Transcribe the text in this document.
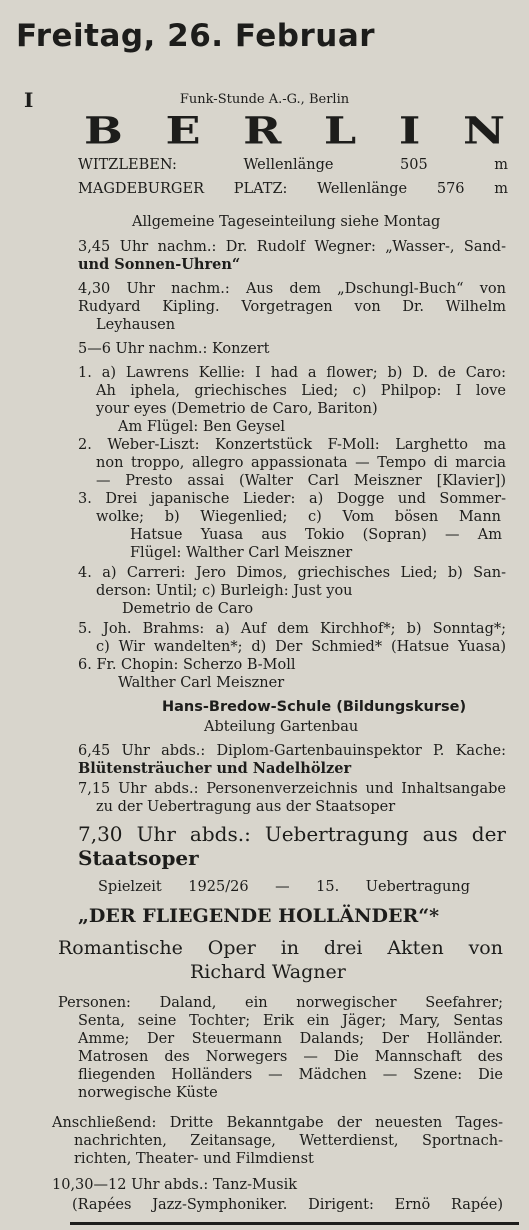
Freitag, 26. Februar
I	Funk-Stunde A.-G., Berlin
B E R L I N
WITZLEBEN: Wellenlänge 505 m
MAGDEBURGER PLATZ: Wellenlänge 576 m
Allgemeine Tageseinteilung siehe Montag
3,45 Uhr nachm.: Dr. Rudolf Wegner: „Wasser-, Sand-
und Sonnen-Uhren“
4,30 Uhr nachm.: Aus dem „Dschungl-Buch“ von
Rudyard Kipling. Vorgetragen von Dr. Wilhelm
Leyhausen
5—6 Uhr nachm.: Konzert
1. a) Lawrens Kellie: I had a flower; b) D. de Caro:
Ah iphela, griechisches Lied; c) Philpop: I love
your eyes (Demetrio de Caro, Bariton)
Am Flügel: Ben Geysel
2. Weber-Liszt: Konzertstück F-Moll: Larghetto ma
non troppo, allegro appassionata — Tempo di marcia
— Presto assai (Walter Carl Meiszner [Klavier])
3. Drei japanische Lieder: a) Dogge und Sommer-
wolke; b) Wiegenlied; c) Vom bösen Mann
Hatsue Yuasa aus Tokio (Sopran) — Am
Flügel: Walther Carl Meiszner
4. a) Carreri: Jero Dimos, griechisches Lied; b) San-
derson: Until; c) Burleigh: Just you
Demetrio de Caro
5. Joh. Brahms: a) Auf dem Kirchhof*; b) Sonntag*;
c) Wir wandelten*; d) Der Schmied* (Hatsue Yuasa)
6. Fr. Chopin: Scherzo B-Moll
Walther Carl Meiszner
Hans-Bredow-Schule (Bildungskurse)
Abteilung Gartenbau
6,45 Uhr abds.: Diplom-Gartenbauinspektor P. Kache:
Blütensträucher und Nadelhölzer
7,15 Uhr abds.: Personenverzeichnis und Inhaltsangabe
zu der Uebertragung aus der Staatsoper
7,30 Uhr abds.: Uebertragung aus der
Staatsoper
Spielzeit 1925/26 — 15. Uebertragung
„DER FLIEGENDE HOLLÄNDER“*
Romantische Oper in drei Akten von
Richard Wagner
Personen: Daland, ein norwegischer Seefahrer;
Senta, seine Tochter; Erik ein Jäger; Mary, Sentas
Amme; Der Steuermann Dalands; Der Holländer.
Matrosen des Norwegers — Die Mannschaft des
fliegenden Holländers — Mädchen — Szene: Die
norwegische Küste
Anschließend: Dritte Bekanntgabe der neuesten Tages-
nachrichten, Zeitansage, Wetterdienst, Sportnach-
richten, Theater- und Filmdienst
10,30—12 Uhr abds.: Tanz-Musik
(Rapées Jazz-Symphoniker. Dirigent: Ernö Rapée)
